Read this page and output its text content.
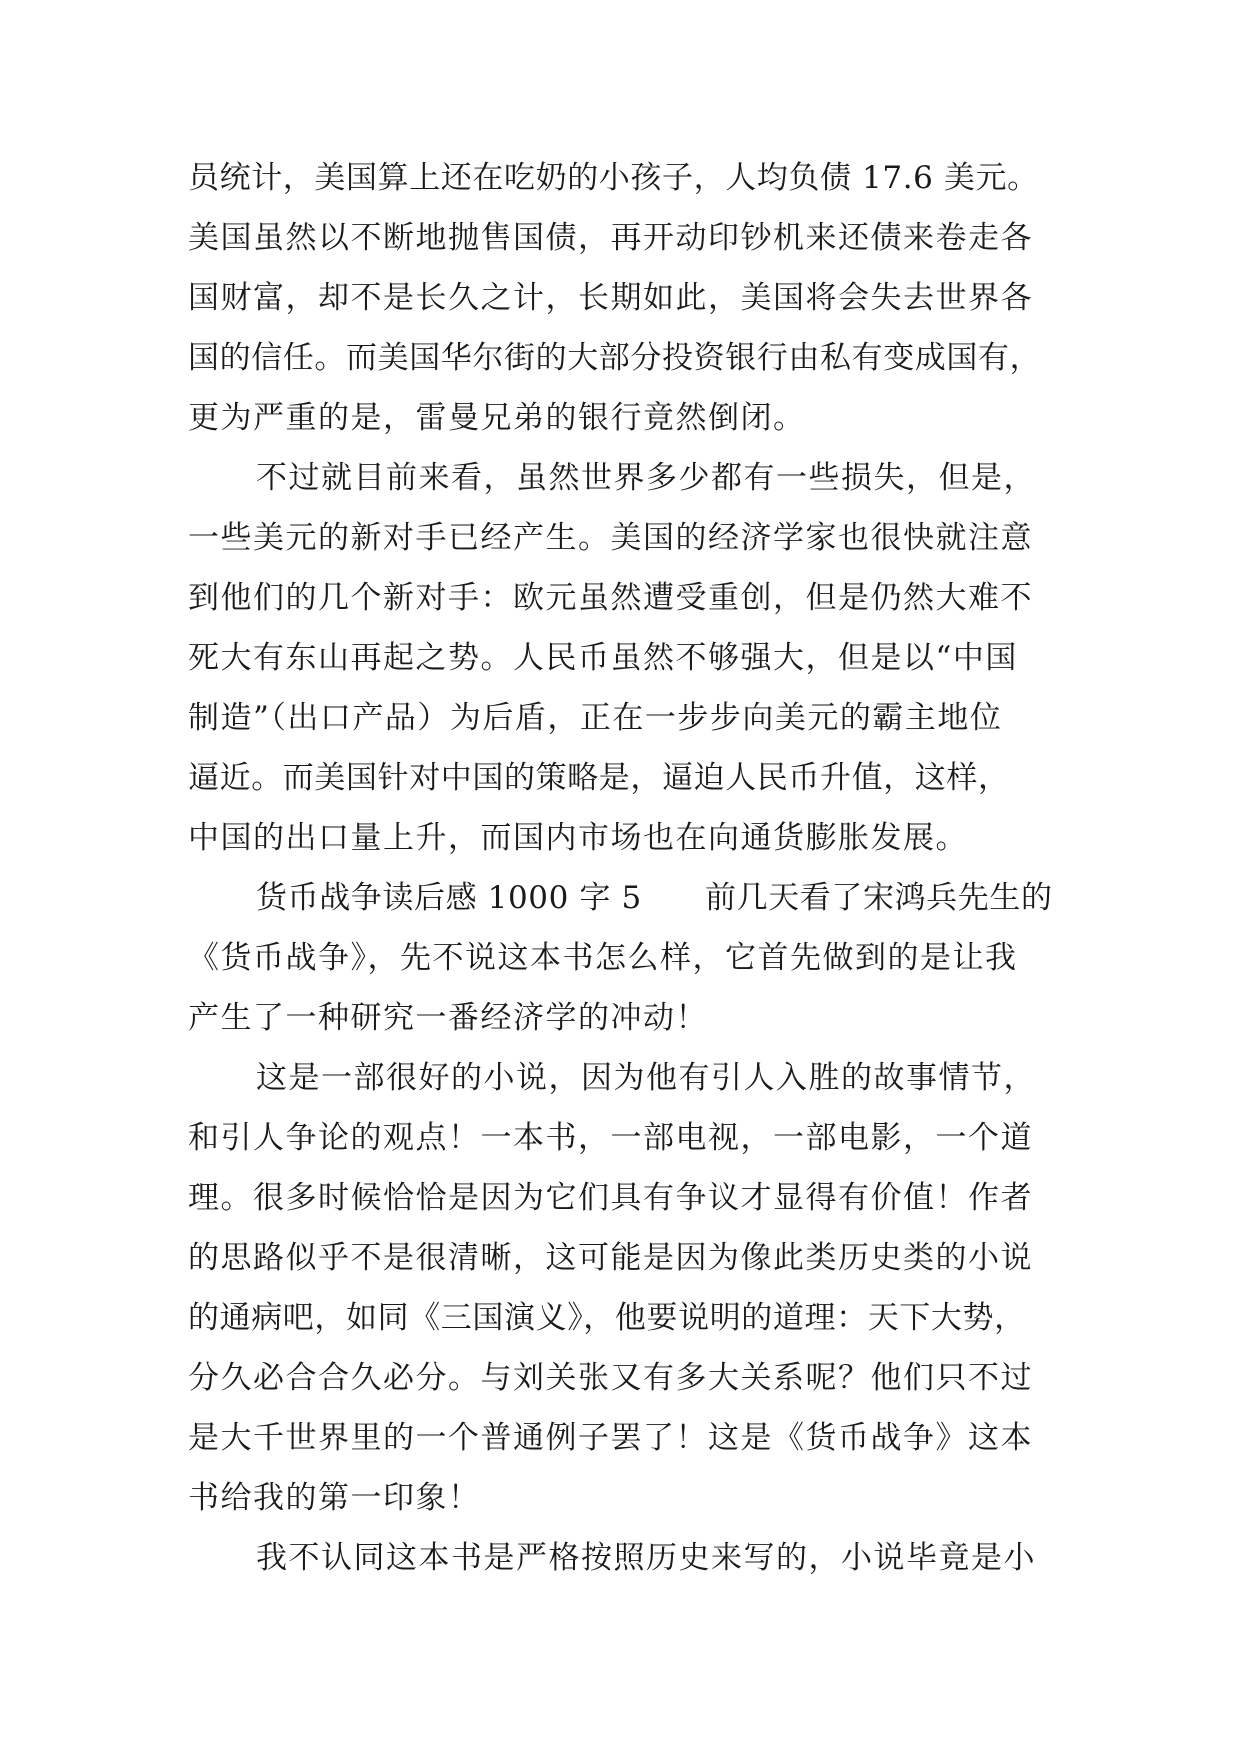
员统计，美国算上还在吃奶的小孩子，人均负债 17.6 美元。
美国虽然以不断地抛售国债，再开动印钞机来还债来卷走各
国财富，却不是长久之计，长期如此，美国将会失去世界各
国的信任。而美国华尔街的大部分投资银行由私有变成国有，
更为严重的是，雷曼兄弟的银行竟然倒闭。
不过就目前来看，虽然世界多少都有一些损失，但是，
一些美元的新对手已经产生。美国的经济学家也很快就注意
到他们的几个新对手：欧元虽然遭受重创，但是仍然大难不
死大有东山再起之势。人民币虽然不够强大，但是以“中国
制造”（出口产品）为后盾，正在一步步向美元的霸主地位
逼近。而美国针对中国的策略是，逼迫人民币升值，这样，
中国的出口量上升，而国内市场也在向通货膨胀发展。
货币战争读后感 1000 字 5　　前几天看了宋鸿兵先生的
《货币战争》，先不说这本书怎么样，它首先做到的是让我
产生了一种研究一番经济学的冲动！
这是一部很好的小说，因为他有引人入胜的故事情节，
和引人争论的观点！一本书，一部电视，一部电影，一个道
理。很多时候恰恰是因为它们具有争议才显得有价值！作者
的思路似乎不是很清晰，这可能是因为像此类历史类的小说
的通病吧，如同《三国演义》，他要说明的道理：天下大势，
分久必合合久必分。与刘关张又有多大关系呢？他们只不过
是大千世界里的一个普通例子罢了！这是《货币战争》这本
书给我的第一印象！
我不认同这本书是严格按照历史来写的，小说毕竟是小
